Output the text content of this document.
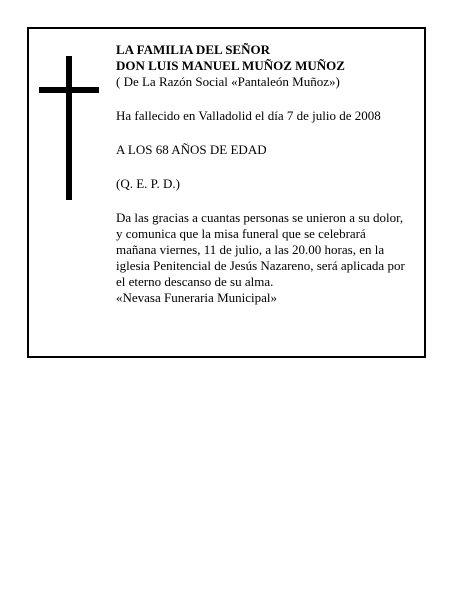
LA FAMILIA DEL SEÑOR

DON LUIS MANUEL MUÑOZ MUÑOZ

( De La Razón Social «Pantaleón Muñoz»)

Ha fallecido en Valladolid el día 7 de julio de 2008

A LOS 68 AÑOS DE EDAD

(Q. E. P. D.)

Da las gracias a cuantas personas se unieron a su dolor,

y comunica que la misa funeral que se celebrará

mañana viernes, 11 de julio, a las 20.00 horas, en la

iglesia Penitencial de Jesús Nazareno, será aplicada por

el eterno descanso de su alma.

«Nevasa Funeraria Municipal»
